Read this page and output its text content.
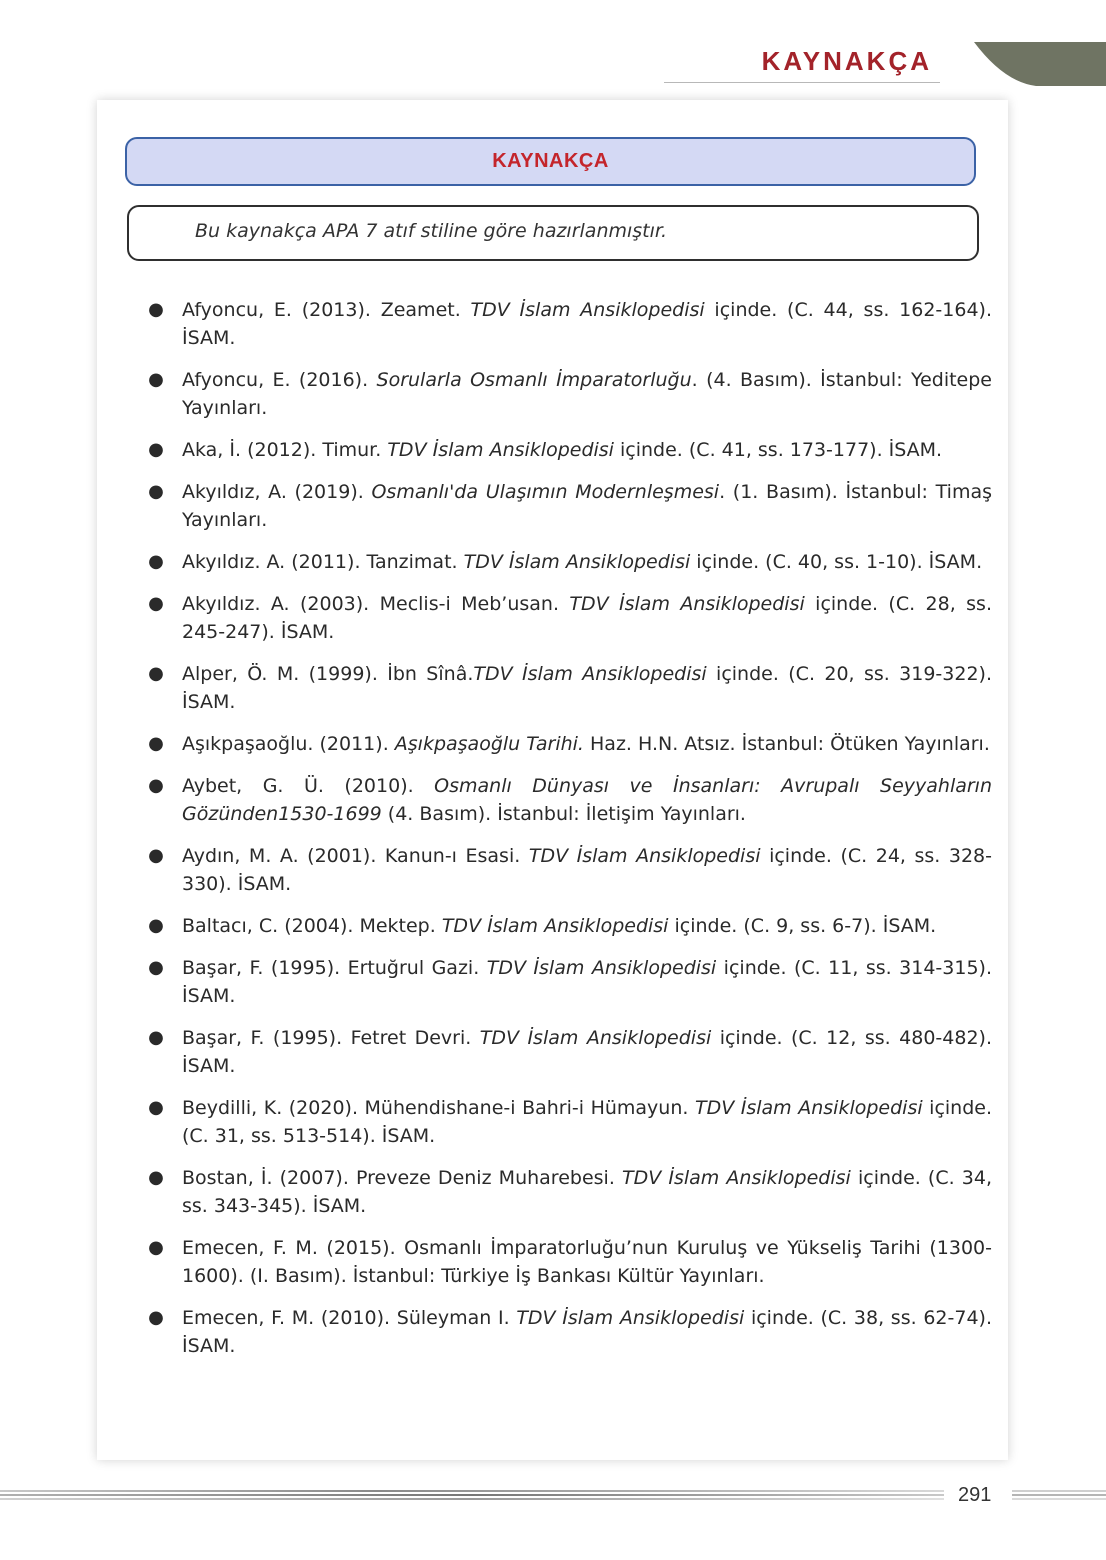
KAYNAKÇA
KAYNAKÇA
Bu kaynakça APA 7 atıf stiline göre hazırlanmıştır.
● Afyoncu, E. (2013). Zeamet. TDV İslam Ansiklopedisi içinde. (C. 44, ss. 162-164). İSAM.
● Afyoncu, E. (2016). Sorularla Osmanlı İmparatorluğu. (4. Basım). İstanbul: Yeditepe Yayınları.
● Aka, İ. (2012). Timur. TDV İslam Ansiklopedisi içinde. (C. 41, ss. 173-177). İSAM.
● Akyıldız, A. (2019). Osmanlı'da Ulaşımın Modernleşmesi. (1. Basım). İstanbul: Timaş Yayınları.
● Akyıldız. A. (2011). Tanzimat. TDV İslam Ansiklopedisi içinde. (C. 40, ss. 1-10). İSAM.
● Akyıldız. A. (2003). Meclis-i Meb’usan. TDV İslam Ansiklopedisi içinde. (C. 28, ss. 245-247). İSAM.
● Alper, Ö. M. (1999). İbn Sînâ.TDV İslam Ansiklopedisi içinde. (C. 20, ss. 319-322). İSAM.
● Aşıkpaşaoğlu. (2011). Aşıkpaşaoğlu Tarihi. Haz. H.N. Atsız. İstanbul: Ötüken Yayınları.
● Aybet, G. Ü. (2010). Osmanlı Dünyası ve İnsanları: Avrupalı Seyyahların Gözünden1530-1699 (4. Basım). İstanbul: İletişim Yayınları.
● Aydın, M. A. (2001). Kanun-ı Esasi. TDV İslam Ansiklopedisi içinde. (C. 24, ss. 328-330). İSAM.
● Baltacı, C. (2004). Mektep. TDV İslam Ansiklopedisi içinde. (C. 9, ss. 6-7). İSAM.
● Başar, F. (1995). Ertuğrul Gazi. TDV İslam Ansiklopedisi içinde. (C. 11, ss. 314-315). İSAM.
● Başar, F. (1995). Fetret Devri. TDV İslam Ansiklopedisi içinde. (C. 12, ss. 480-482). İSAM.
● Beydilli, K. (2020). Mühendishane-i Bahri-i Hümayun. TDV İslam Ansiklopedisi içinde. (C. 31, ss. 513-514). İSAM.
● Bostan, İ. (2007). Preveze Deniz Muharebesi. TDV İslam Ansiklopedisi içinde. (C. 34, ss. 343-345). İSAM.
● Emecen, F. M. (2015). Osmanlı İmparatorluğu’nun Kuruluş ve Yükseliş Tarihi (1300-1600). (I. Basım). İstanbul: Türkiye İş Bankası Kültür Yayınları.
● Emecen, F. M. (2010). Süleyman I. TDV İslam Ansiklopedisi içinde. (C. 38, ss. 62-74). İSAM.
291
